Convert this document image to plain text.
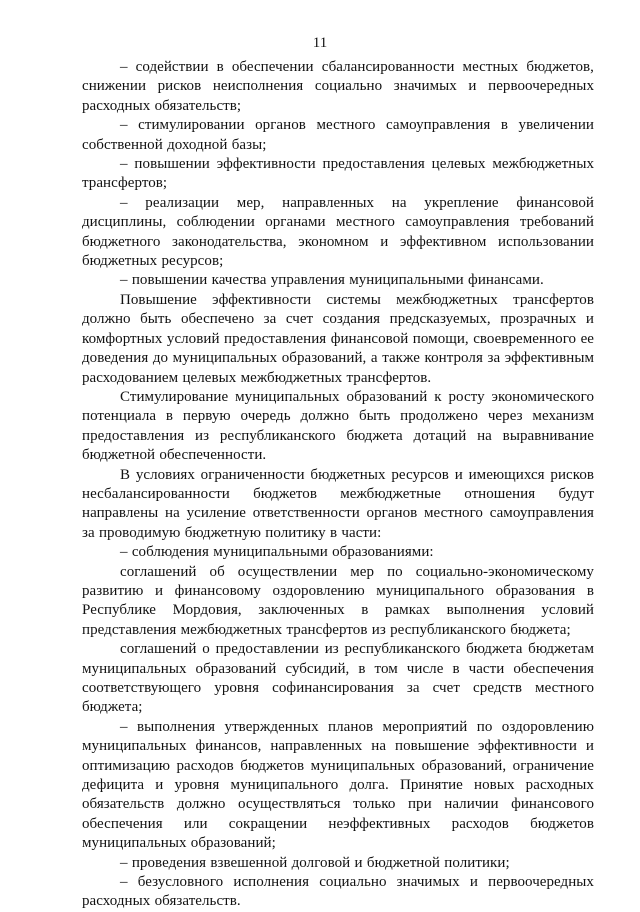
11

– содействии в обеспечении сбалансированности местных бюджетов, снижении рисков неисполнения социально значимых и первоочередных расходных обязательств;

– стимулировании органов местного самоуправления в увеличении собственной доходной базы;

– повышении эффективности предоставления целевых межбюджетных трансфертов;

– реализации мер, направленных на укрепление финансовой дисциплины, соблюдении органами местного самоуправления требований бюджетного законодательства, экономном и эффективном использовании бюджетных ресурсов;

– повышении качества управления муниципальными финансами.

Повышение эффективности системы межбюджетных трансфертов должно быть обеспечено за счет создания предсказуемых, прозрачных и комфортных условий предоставления финансовой помощи, своевременного ее доведения до муниципальных образований, а также контроля за эффективным расходованием целевых межбюджетных трансфертов.

Стимулирование муниципальных образований к росту экономического потенциала в первую очередь должно быть продолжено через механизм предоставления из республиканского бюджета дотаций на выравнивание бюджетной обеспеченности.

В условиях ограниченности бюджетных ресурсов и имеющихся рисков несбалансированности бюджетов межбюджетные отношения будут направлены на усиление ответственности органов местного самоуправления за проводимую бюджетную политику в части:

– соблюдения муниципальными образованиями:

соглашений об осуществлении мер по социально-экономическому развитию и финансовому оздоровлению муниципального образования в Республике Мордовия, заключенных в рамках выполнения условий представления межбюджетных трансфертов из республиканского бюджета;

соглашений о предоставлении из республиканского бюджета бюджетам муниципальных образований субсидий, в том числе в части обеспечения соответствующего уровня софинансирования за счет средств местного бюджета;

– выполнения утвержденных планов мероприятий по оздоровлению муниципальных финансов, направленных на повышение эффективности и оптимизацию расходов бюджетов муниципальных образований, ограничение дефицита и уровня муниципального долга. Принятие новых расходных обязательств должно осуществляться только при наличии финансового обеспечения или сокращении неэффективных расходов бюджетов муниципальных образований;

– проведения взвешенной долговой и бюджетной политики;

– безусловного исполнения социально значимых и первоочередных расходных обязательств.
